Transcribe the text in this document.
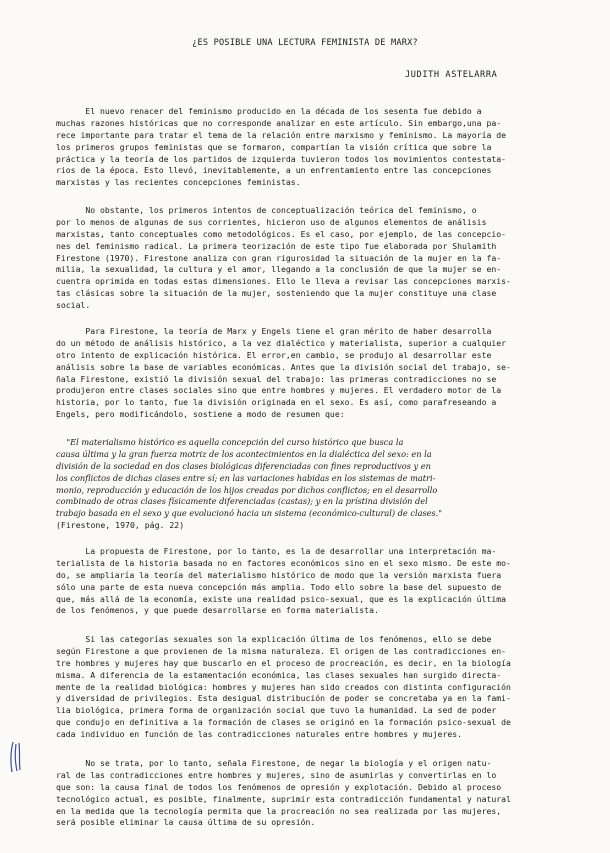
¿ES POSIBLE UNA LECTURA FEMINISTA DE MARX?
JUDITH ASTELARRA
El nuevo renacer del feminismo producido en la década de los sesenta fue debido a
muchas razones históricas que no corresponde analizar en este artículo. Sin embargo,una pa-
rece importante para tratar el tema de la relación entre marxismo y feminismo. La mayoría de
los primeros grupos feministas que se formaron, compartían la visión crítica que sobre la
práctica y la teoría de los partidos de izquierda tuvieron todos los movimientos contestata-
rios de la época. Esto llevó, inevitablemente, a un enfrentamiento entre las concepciones
marxistas y las recientes concepciones feministas.
No obstante, los primeros intentos de conceptualización teórica del feminismo, o
por lo menos de algunas de sus corrientes, hicieron uso de algunos elementos de análisis
marxistas, tanto conceptuales como metodológicos. Es el caso, por ejemplo, de las concepcio-
nes del feminismo radical. La primera teorización de este tipo fue elaborada por Shulamith
Firestone (1970). Firestone analiza con gran rigurosidad la situación de la mujer en la fa-
milia, la sexualidad, la cultura y el amor, llegando a la conclusión de que la mujer se en-
cuentra oprimida en todas estas dimensiones. Ello le lleva a revisar las concepciones marxis-
tas clásicas sobre la situación de la mujer, sosteniendo que la mujer constituye una clase
social.
Para Firestone, la teoría de Marx y Engels tiene el gran mérito de haber desarrolla
do un método de análisis histórico, a la vez dialéctico y materialista, superior a cualquier
otro intento de explicación histórica. El error,en cambio, se produjo al desarrollar este
análisis sobre la base de variables económicas. Antes que la división social del trabajo, se-
ñala Firestone, existió la división sexual del trabajo: las primeras contradicciones no se
produjeron entre clases sociales sino que entre hombres y mujeres. El verdadero motor de la
historia, por lo tanto, fue la división originada en el sexo. Es así, como parafreseando a
Engels, pero modificándolo, sostiene a modo de resumen que:
"El materialismo histórico es aquella concepción del curso histórico que busca la
causa última y la gran fuerza motriz de los acontecimientos en la dialéctica del sexo: en la
división de la sociedad en dos clases biológicas diferenciadas con fines reproductivos y en
los conflictos de dichas clases entre sí; en las variaciones habidas en los sistemas de matri-
monio, reproducción y educación de los hijos creadas por dichos conflictos; en el desarrollo
combinado de otras clases físicamente diferenciadas (castas); y en la prístina división del
trabajo basada en el sexo y que evolucionó hacia un sistema (económico-cultural) de clases."
(Firestone, 1970, pág. 22)
La propuesta de Firestone, por lo tanto, es la de desarrollar una interpretación ma-
terialista de la historia basada no en factores económicos sino en el sexo mismo. De este mo-
do, se ampliaría la teoría del materialismo histórico de modo que la versión marxista fuera
sólo una parte de esta nueva concepción más amplia. Todo ello sobre la base del supuesto de
que, más allá de la economía, existe una realidad psico-sexual, que es la explicación última
de los fenómenos, y que puede desarrollarse en forma materialista.
Si las categorías sexuales son la explicación última de los fenómenos, ello se debe
según Firestone a que provienen de la misma naturaleza. El origen de las contradicciones en-
tre hombres y mujeres hay que buscarlo en el proceso de procreación, es decir, en la biología
misma. A diferencia de la estamentación económica, las clases sexuales han surgido directa-
mente de la realidad biológica: hombres y mujeres han sido creados con distinta configuración
y diversidad de privilegios. Esta desigual distribución de poder se concretaba ya en la fami-
lia biológica, primera forma de organización social que tuvo la humanidad. La sed de poder
que condujo en definitiva a la formación de clases se originó en la formación psico-sexual de
cada individuo en función de las contradicciones naturales entre hombres y mujeres.
No se trata, por lo tanto, señala Firestone, de negar la biología y el origen natu-
ral de las contradicciones entre hombres y mujeres, sino de asumirlas y convertirlas en lo
que son: la causa final de todos los fenómenos de opresión y explotación. Debido al proceso
tecnológico actual, es posible, finalmente, suprimir esta contradicción fundamental y natural
en la medida que la tecnología permita que la procreación no sea realizada por las mujeres,
será posible eliminar la causa última de su opresión.
